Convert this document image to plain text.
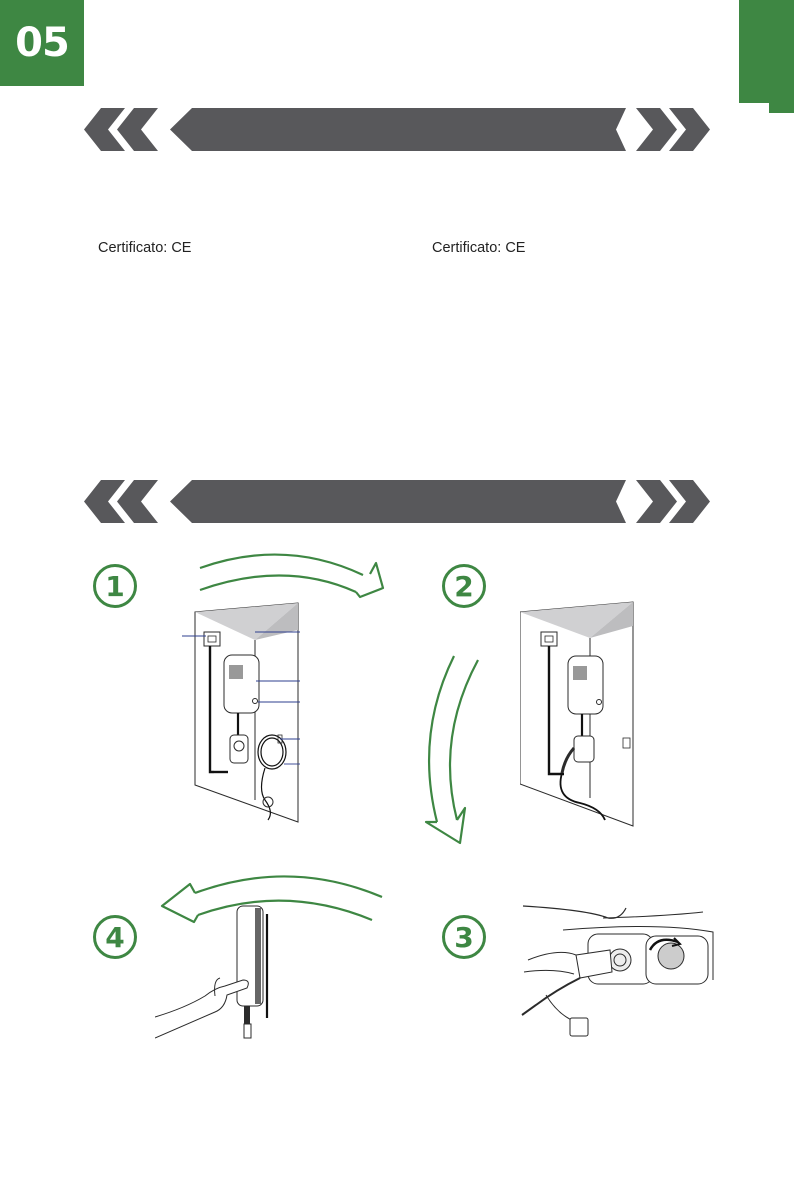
05
Certificato: CE	Certificato: CE
1	2
3
4
